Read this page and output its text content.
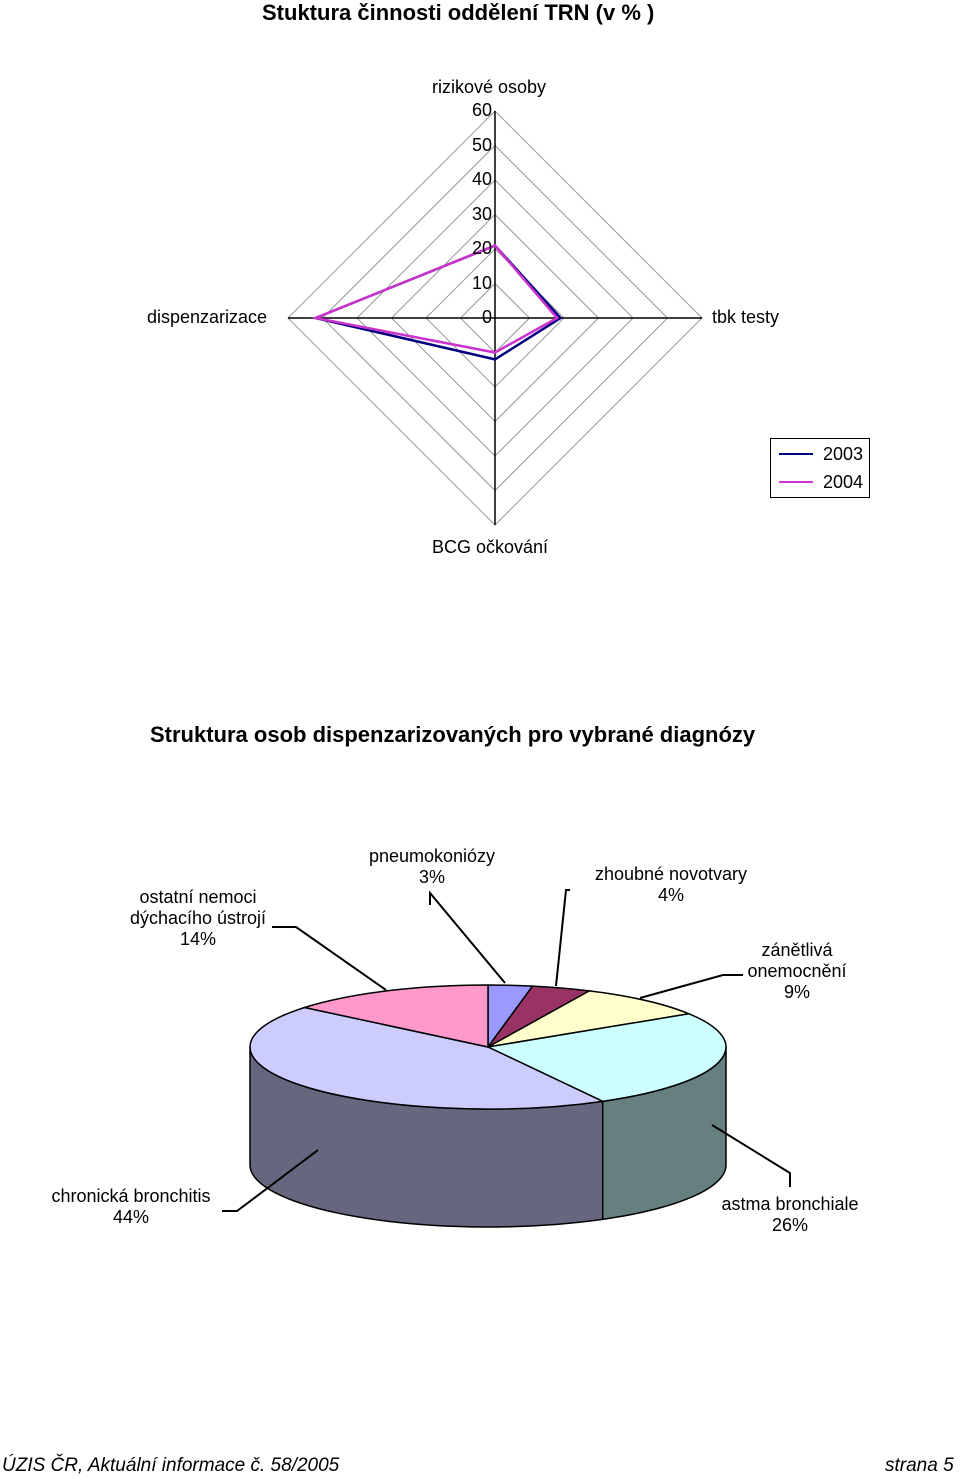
Stuktura činnosti oddělení TRN (v % )
rizikové osoby
tbk testy
BCG očkování
dispenzarizace	0
10
20
30
40
50
60
2003
2004
Struktura osob dispenzarizovaných pro vybrané diagnózy
ostatní nemoci
dýchacího ústrojí
14%
pneumokoniózy
3%	zhoubné novotvary
4%
zánětlivá
onemocnění
9%
chronická bronchitis
44%
astma bronchiale
26%
ÚZIS ČR, Aktuální informace č. 58/2005	strana 5
